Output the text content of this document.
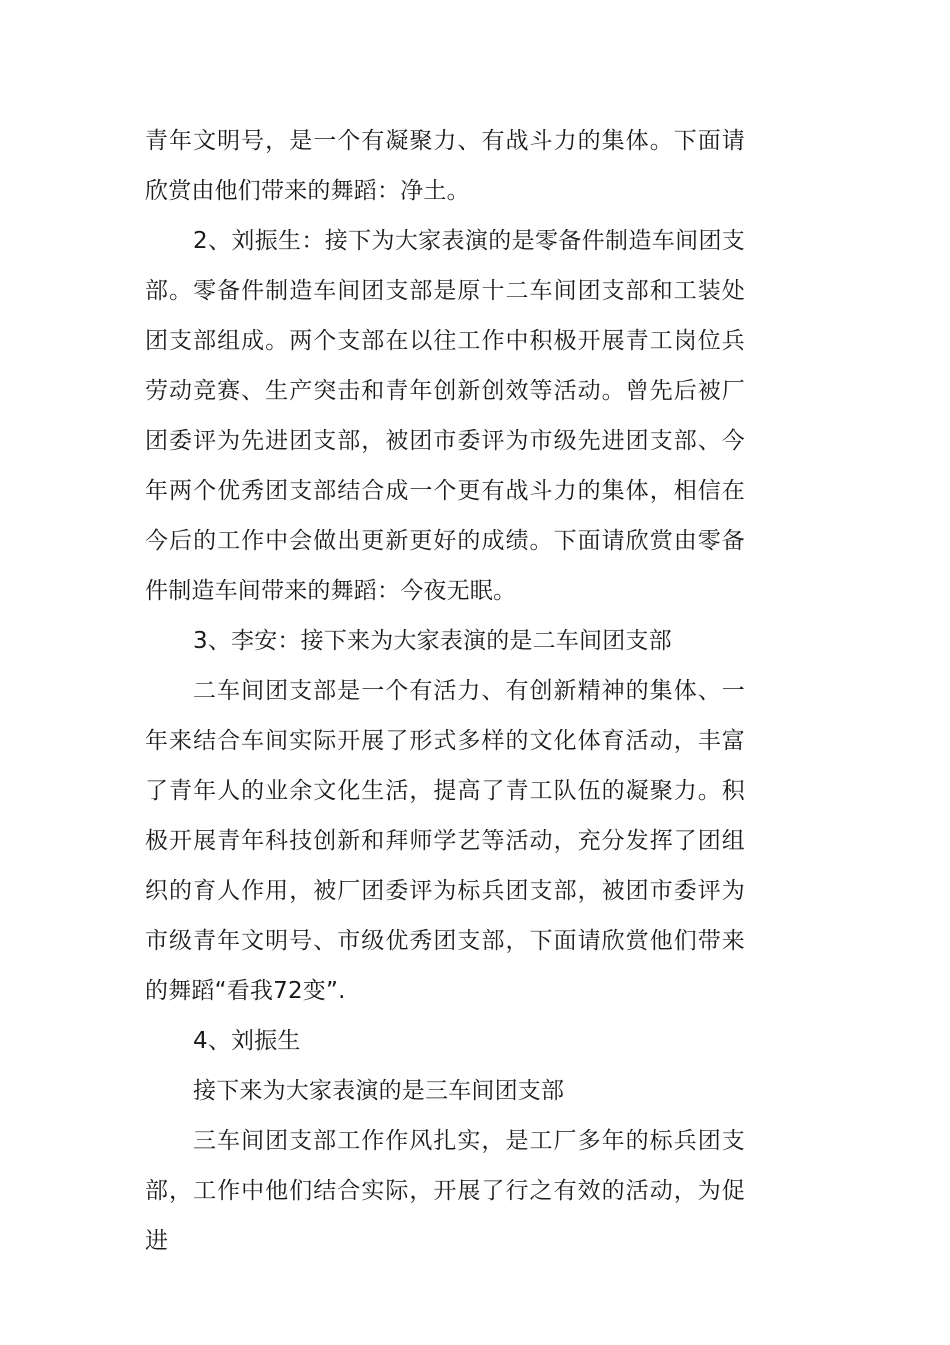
青年文明号，是一个有凝聚力、有战斗力的集体。下面请欣赏由他们带来的舞蹈：净土。

2、刘振生：接下为大家表演的是零备件制造车间团支部。零备件制造车间团支部是原十二车间团支部和工装处团支部组成。两个支部在以往工作中积极开展青工岗位兵劳动竞赛、生产突击和青年创新创效等活动。曾先后被厂团委评为先进团支部，被团市委评为市级先进团支部、今年两个优秀团支部结合成一个更有战斗力的集体，相信在今后的工作中会做出更新更好的成绩。下面请欣赏由零备件制造车间带来的舞蹈：今夜无眠。

3、李安：接下来为大家表演的是二车间团支部

二车间团支部是一个有活力、有创新精神的集体、一年来结合车间实际开展了形式多样的文化体育活动，丰富了青年人的业余文化生活，提高了青工队伍的凝聚力。积极开展青年科技创新和拜师学艺等活动，充分发挥了团组织的育人作用，被厂团委评为标兵团支部，被团市委评为市级青年文明号、市级优秀团支部，下面请欣赏他们带来的舞蹈“看我72变”.

4、刘振生

接下来为大家表演的是三车间团支部

三车间团支部工作作风扎实，是工厂多年的标兵团支部，工作中他们结合实际，开展了行之有效的活动，为促进
